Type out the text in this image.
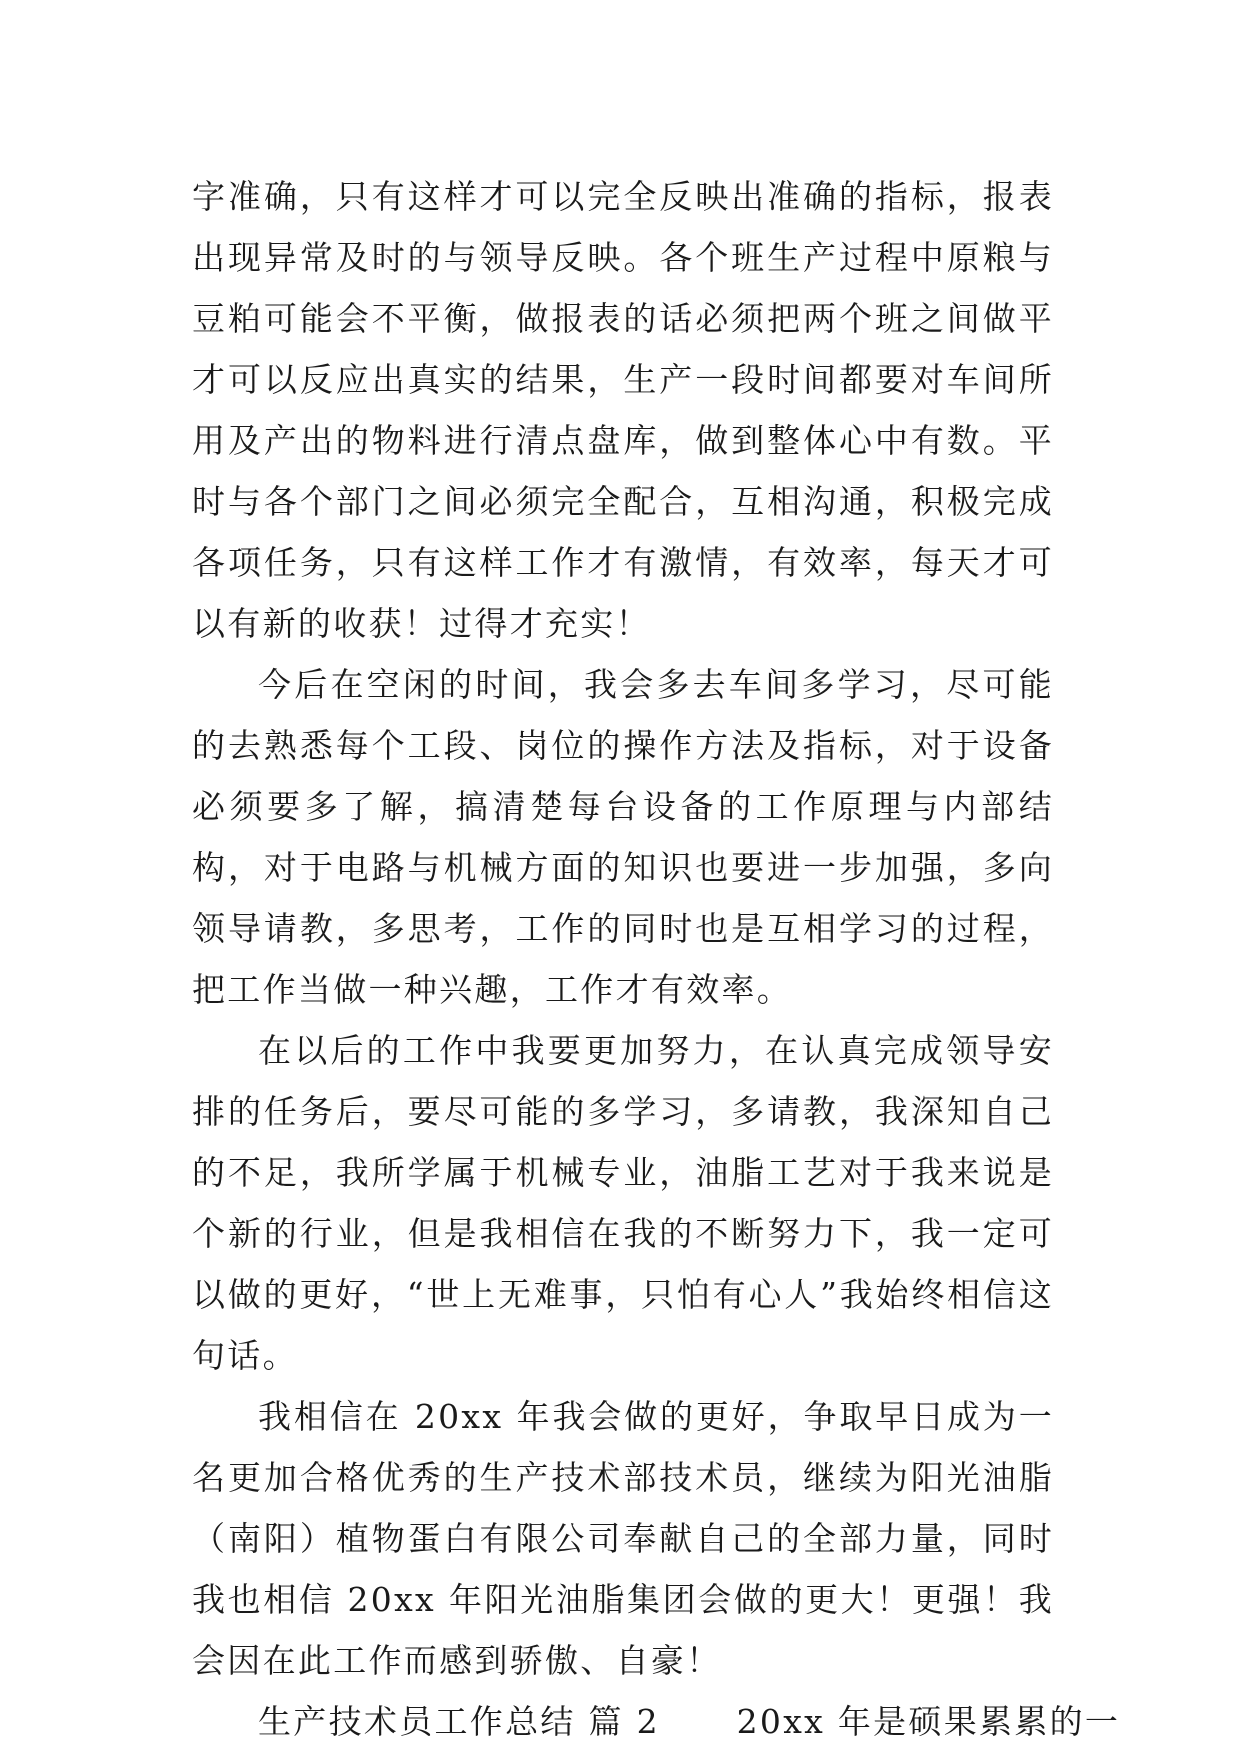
字准确，只有这样才可以完全反映出准确的指标，报表出现异常及时的与领导反映。各个班生产过程中原粮与豆粕可能会不平衡，做报表的话必须把两个班之间做平才可以反应出真实的结果，生产一段时间都要对车间所用及产出的物料进行清点盘库，做到整体心中有数。平时与各个部门之间必须完全配合，互相沟通，积极完成各项任务，只有这样工作才有激情，有效率，每天才可以有新的收获！过得才充实！

今后在空闲的时间，我会多去车间多学习，尽可能的去熟悉每个工段、岗位的操作方法及指标，对于设备必须要多了解，搞清楚每台设备的工作原理与内部结构，对于电路与机械方面的知识也要进一步加强，多向领导请教，多思考，工作的同时也是互相学习的过程，把工作当做一种兴趣，工作才有效率。

在以后的工作中我要更加努力，在认真完成领导安排的任务后，要尽可能的多学习，多请教，我深知自己的不足，我所学属于机械专业，油脂工艺对于我来说是个新的行业，但是我相信在我的不断努力下，我一定可以做的更好，“世上无难事，只怕有心人”我始终相信这句话。

我相信在 20xx 年我会做的更好，争取早日成为一名更加合格优秀的生产技术部技术员，继续为阳光油脂（南阳）植物蛋白有限公司奉献自己的全部力量，同时我也相信 20xx 年阳光油脂集团会做的更大！更强！我会因在此工作而感到骄傲、自豪！

生产技术员工作总结 篇 2 20xx 年是硕果累累的一
